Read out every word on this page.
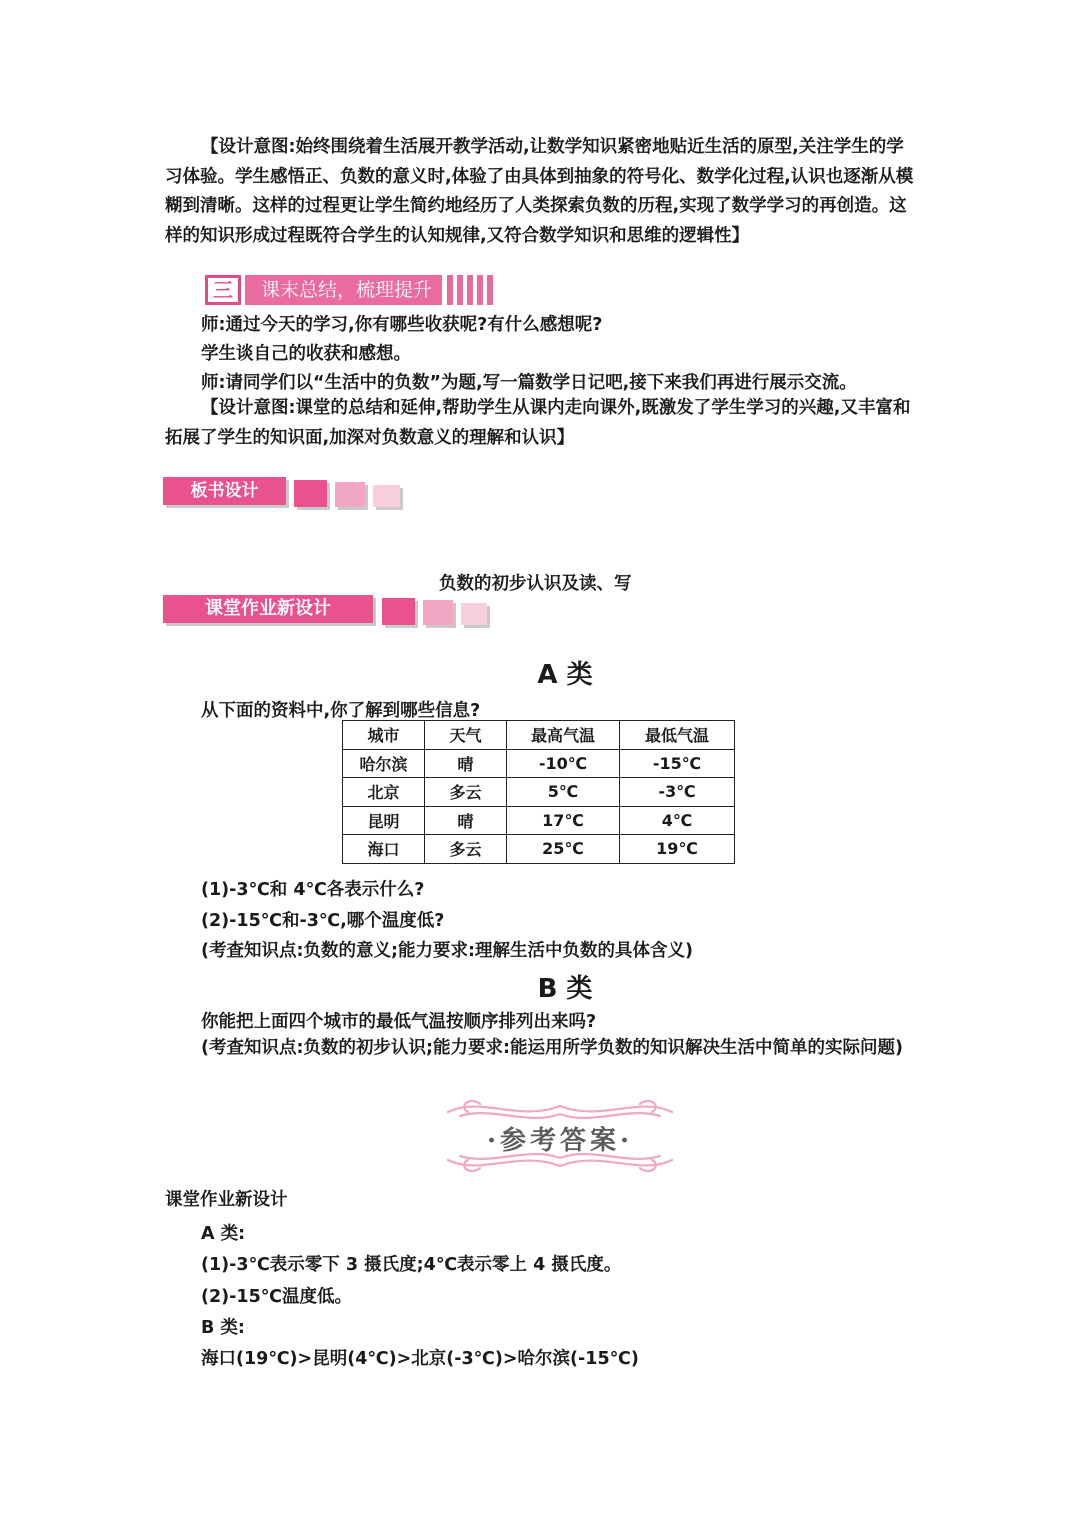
【设计意图:始终围绕着生活展开教学活动,让数学知识紧密地贴近生活的原型,关注学生的学习体验。学生感悟正、负数的意义时,体验了由具体到抽象的符号化、数学化过程,认识也逐渐从模糊到清晰。这样的过程更让学生简约地经历了人类探索负数的历程,实现了数学学习的再创造。这样的知识形成过程既符合学生的认知规律,又符合数学知识和思维的逻辑性】
三	课末总结，梳理提升
师:通过今天的学习,你有哪些收获呢?有什么感想呢?
学生谈自己的收获和感想。
师:请同学们以“生活中的负数”为题,写一篇数学日记吧,接下来我们再进行展示交流。
【设计意图:课堂的总结和延伸,帮助学生从课内走向课外,既激发了学生学习的兴趣,又丰富和拓展了学生的知识面,加深对负数意义的理解和认识】
板书设计
负数的初步认识及读、写
课堂作业新设计
A 类
从下面的资料中,你了解到哪些信息?
城市	天气	最高气温	最低气温
哈尔滨	晴	-10℃	-15℃
北京	多云	5℃	-3℃
昆明	晴	17℃	4℃
海口	多云	25℃	19℃
(1)-3℃和 4℃各表示什么?
(2)-15℃和-3℃,哪个温度低?
(考查知识点:负数的意义;能力要求:理解生活中负数的具体含义)
B 类
你能把上面四个城市的最低气温按顺序排列出来吗?
(考查知识点:负数的初步认识;能力要求:能运用所学负数的知识解决生活中简单的实际问题)
·参考答案·
课堂作业新设计
A 类:
(1)-3℃表示零下 3 摄氏度;4℃表示零上 4 摄氏度。
(2)-15℃温度低。
B 类:
海口(19℃)>昆明(4℃)>北京(-3℃)>哈尔滨(-15℃)
